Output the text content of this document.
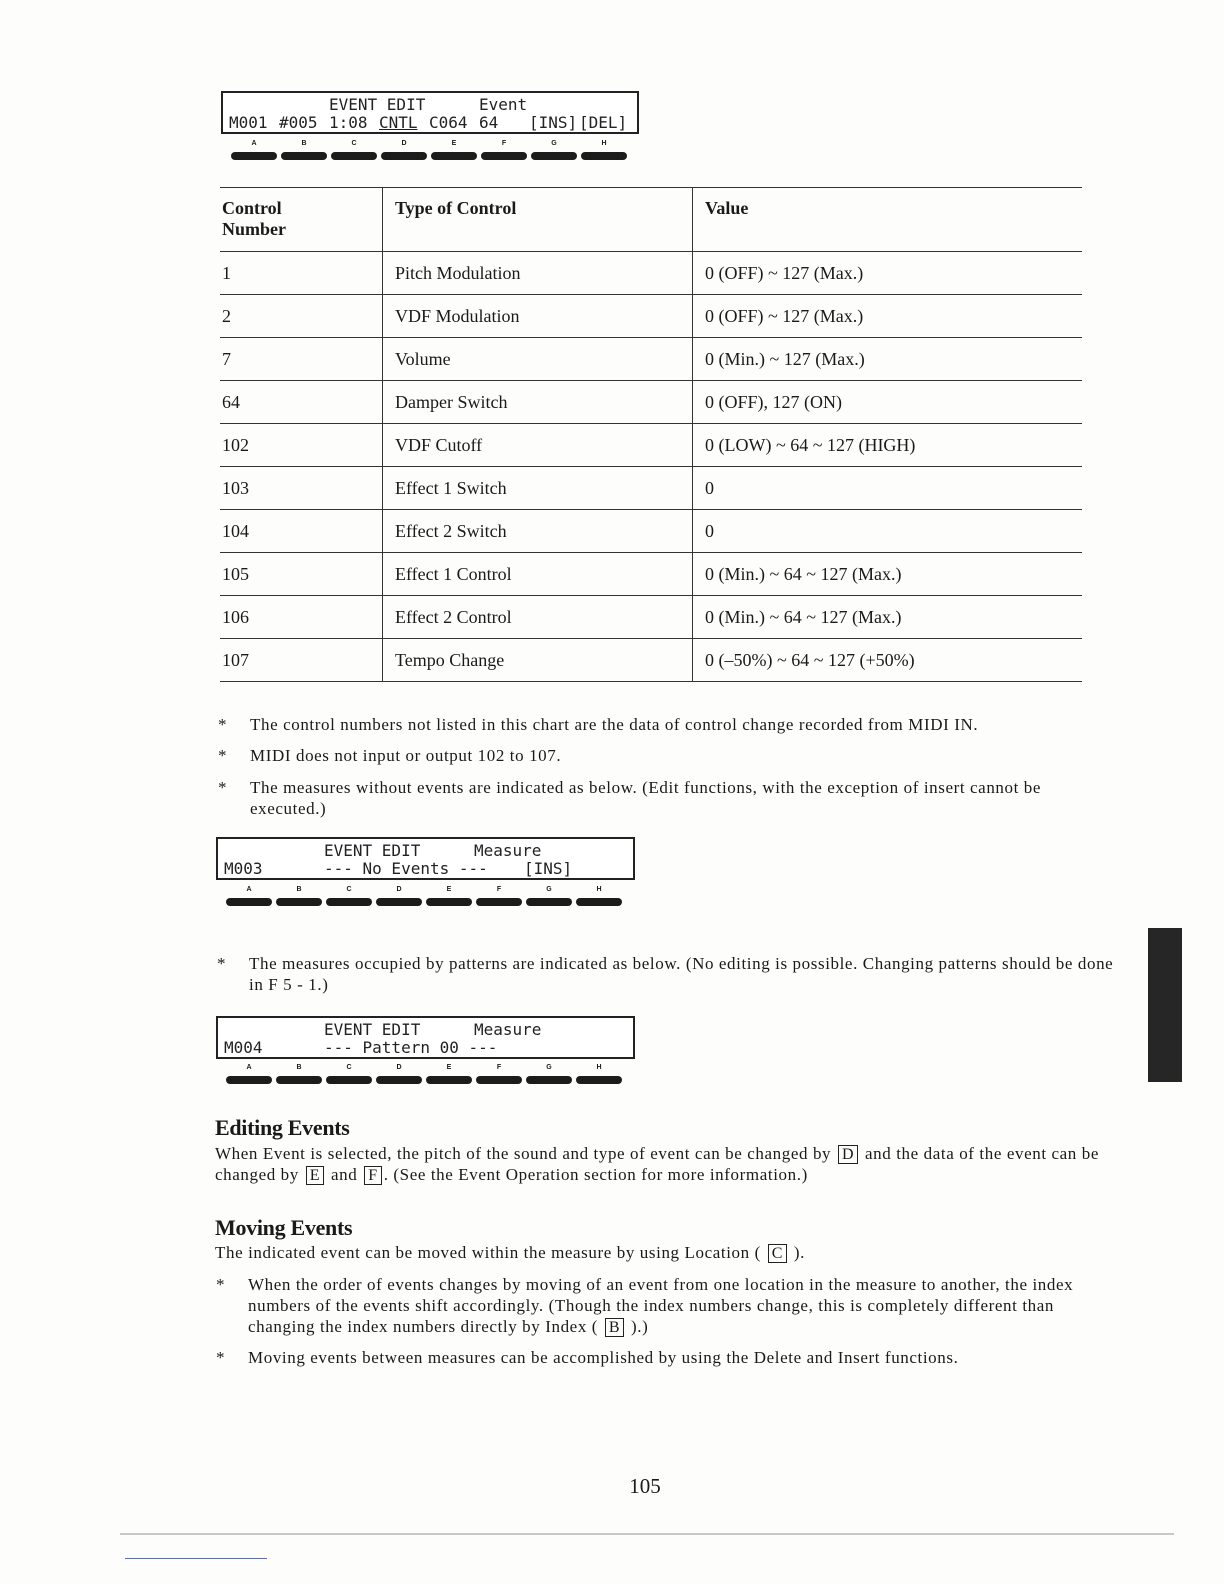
EVENT EDIT	Event
M001 #005 1:08 CNTL C064 64 [INS] [DEL]
A	B	C	D	E	F	G	H
Control
Number	Type of Control	Value
1	Pitch Modulation	0 (OFF) ~ 127 (Max.)
2	VDF Modulation	0 (OFF) ~ 127 (Max.)
7	Volume	0 (Min.) ~ 127 (Max.)
64	Damper Switch	0 (OFF), 127 (ON)
102	VDF Cutoff	0 (LOW) ~ 64 ~ 127 (HIGH)
103	Effect 1 Switch	0
104	Effect 2 Switch	0
105	Effect 1 Control	0 (Min.) ~ 64 ~ 127 (Max.)
106	Effect 2 Control	0 (Min.) ~ 64 ~ 127 (Max.)
107	Tempo Change	0 (–50%) ~ 64 ~ 127 (+50%)
* The control numbers not listed in this chart are the data of control change recorded from MIDI IN.
* MIDI does not input or output 102 to 107.
* The measures without events are indicated as below. (Edit functions, with the exception of insert cannot be executed.)
EVENT EDIT	Measure
M003	--- No Events --- [INS]
A	B	C	D	E	F	G	H
* The measures occupied by patterns are indicated as below. (No editing is possible. Changing patterns should be done in F 5 - 1.)
EVENT EDIT	Measure
M004	--- Pattern 00 ---
A	B	C	D	E	F	G	H
Editing Events
When Event is selected, the pitch of the sound and type of event can be changed by D and the data of the event can be changed by E and F . (See the Event Operation section for more information.)
Moving Events
The indicated event can be moved within the measure by using Location ( C ).
* When the order of events changes by moving of an event from one location in the measure to another, the index numbers of the events shift accordingly. (Though the index numbers change, this is completely different than changing the index numbers directly by Index ( B ).)
* Moving events between measures can be accomplished by using the Delete and Insert functions.
105
